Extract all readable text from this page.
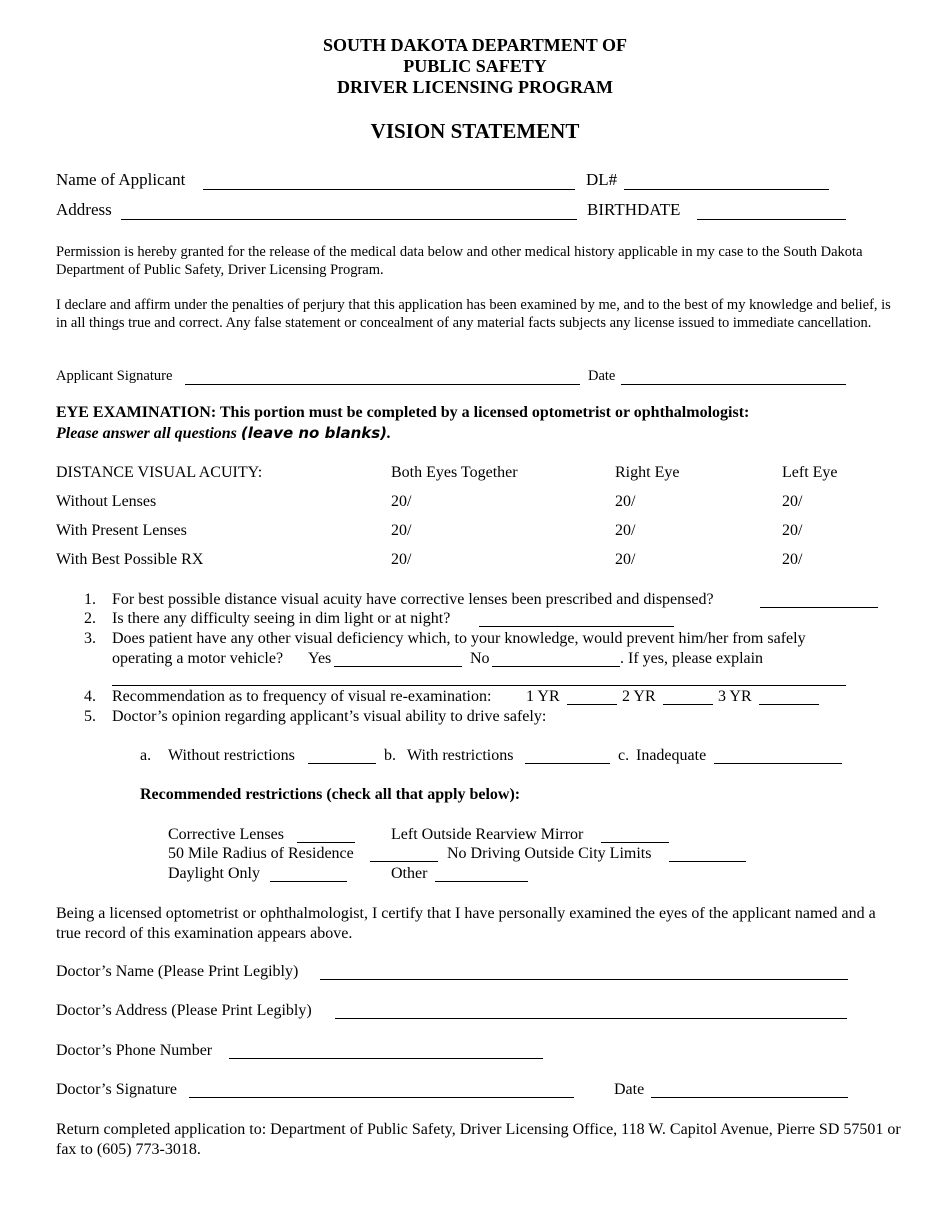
SOUTH DAKOTA DEPARTMENT OF
PUBLIC SAFETY
DRIVER LICENSING PROGRAM
VISION STATEMENT
Name of Applicant	DL#
Address	BIRTHDATE
Permission is hereby granted for the release of the medical data below and other medical history applicable in my case to the South Dakota Department of Public Safety, Driver Licensing Program.
I declare and affirm under the penalties of perjury that this application has been examined by me, and to the best of my knowledge and belief, is in all things true and correct. Any false statement or concealment of any material facts subjects any license issued to immediate cancellation.
Applicant Signature	Date
EYE EXAMINATION: This portion must be completed by a licensed optometrist or ophthalmologist:
Please answer all questions (leave no blanks).
DISTANCE VISUAL ACUITY:	Both Eyes Together	Right Eye	Left Eye
Without Lenses	20/	20/	20/
With Present Lenses	20/	20/	20/
With Best Possible RX	20/	20/	20/
1. For best possible distance visual acuity have corrective lenses been prescribed and dispensed?
2. Is there any difficulty seeing in dim light or at night?
3. Does patient have any other visual deficiency which, to your knowledge, would prevent him/her from safely
operating a motor vehicle? Yes	No	. If yes, please explain
4. Recommendation as to frequency of visual re-examination: 1 YR	2 YR	3 YR
5. Doctor’s opinion regarding applicant’s visual ability to drive safely:
a. Without restrictions	b. With restrictions	c. Inadequate
Recommended restrictions (check all that apply below):
Corrective Lenses	Left Outside Rearview Mirror
50 Mile Radius of Residence	No Driving Outside City Limits
Daylight Only	Other
Being a licensed optometrist or ophthalmologist, I certify that I have personally examined the eyes of the applicant named and a true record of this examination appears above.
Doctor’s Name (Please Print Legibly)
Doctor’s Address (Please Print Legibly)
Doctor’s Phone Number
Doctor’s Signature	Date
Return completed application to: Department of Public Safety, Driver Licensing Office, 118 W. Capitol Avenue, Pierre SD 57501 or fax to (605) 773-3018.
